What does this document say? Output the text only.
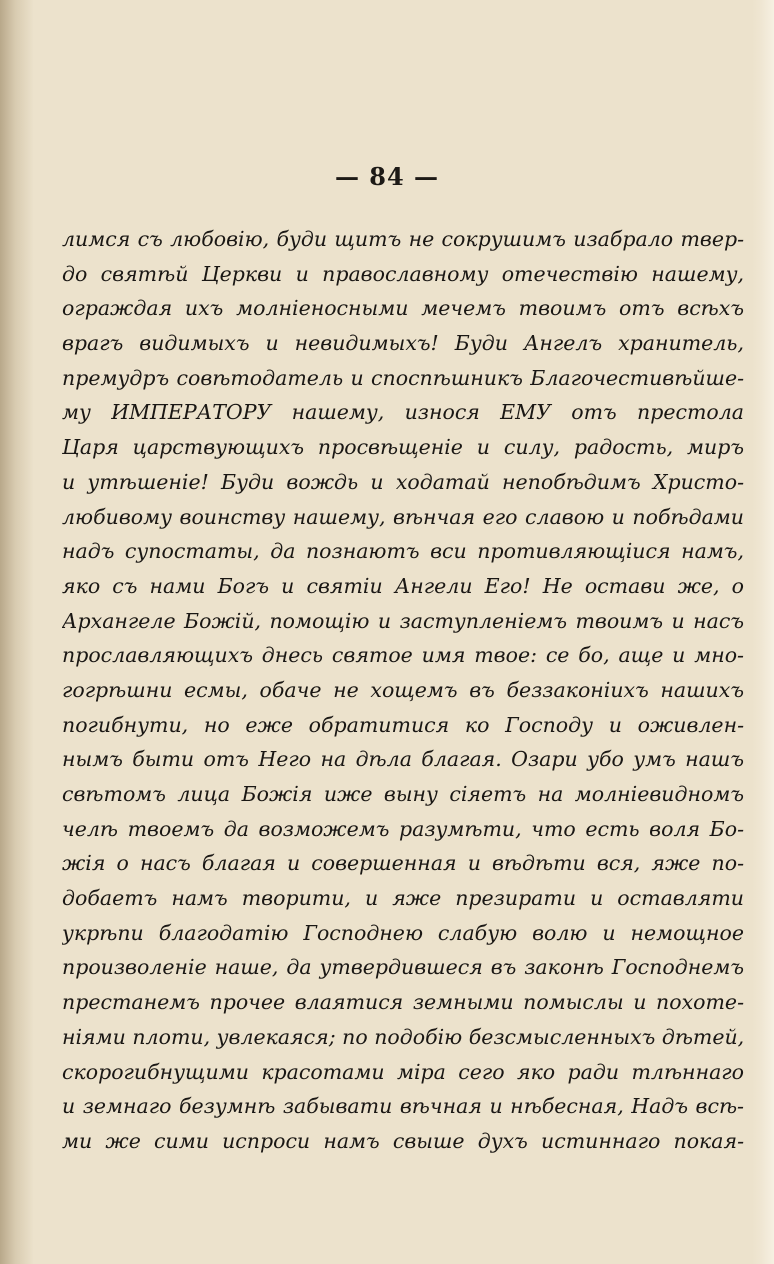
— 84 —
лимся съ любовію, буди щитъ не сокрушимъ изабрало твер-
до святѣй Церкви и православному отечествію нашему,
ограждая ихъ молніеносными мечемъ твоимъ отъ всѣхъ
врагъ видимыхъ и невидимыхъ! Буди Ангелъ хранитель,
премудръ совѣтодатель и споспѣшникъ Благочестивѣйше-
му ИМПЕРАТОРУ нашему, износя ЕМУ отъ престола
Царя царствующихъ просвѣщеніе и силу, радость, миръ
и утѣшеніе! Буди вождь и ходатай непобѣдимъ Христо-
любивому воинству нашему, вѣнчая его славою и побѣдами
надъ супостаты, да познаютъ вси противляющіися намъ,
яко съ нами Богъ и святіи Ангели Его! Не остави же, о
Архангеле Божій, помощію и заступленіемъ твоимъ и насъ
прославляющихъ днесь святое имя твое: се бо, аще и мно-
гогрѣшни есмы, обаче не хощемъ въ беззаконіихъ нашихъ
погибнути, но еже обратитися ко Господу и оживлен-
нымъ быти отъ Него на дѣла благая. Озари убо умъ нашъ
свѣтомъ лица Божія иже выну сіяетъ на молніевидномъ
челѣ твоемъ да возможемъ разумѣти, что есть воля Бо-
жія о насъ благая и совершенная и вѣдѣти вся, яже по-
добаетъ намъ творити, и яже презирати и оставляти
укрѣпи благодатію Господнею слабую волю и немощное
произволеніе наше, да утвердившеся въ законѣ Господнемъ
престанемъ прочее влаятися земными помыслы и похоте-
ніями плоти, увлекаяся; по подобію безсмысленныхъ дѣтей,
скорогибнущими красотами міра сего яко ради тлѣннаго
и земнаго безумнѣ забывати вѣчная и нѣбесная, Надъ всѣ-
ми же сими испроси намъ свыше духъ истиннаго покая-
